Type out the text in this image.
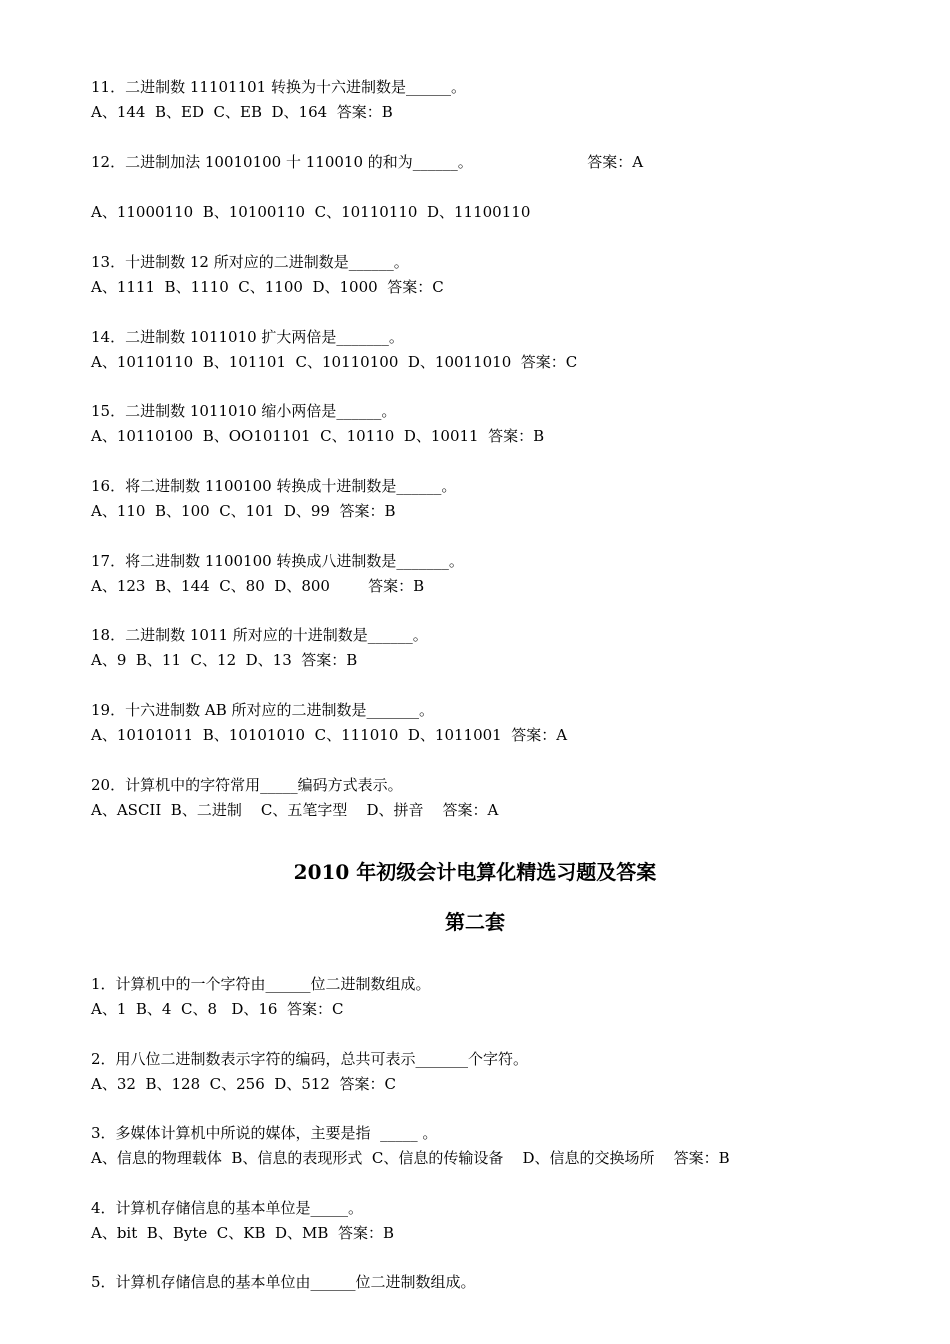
11．二进制数 11101101 转换为十六进制数是______。
A、144  B、ED  C、EB  D、164  答案：B
12．二进制加法 10010100 十 110010 的和为______。                        答案：A
A、11000110  B、10100110  C、10110110  D、11100110
13．十进制数 12 所对应的二进制数是______。
A、1111  B、1110  C、1100  D、1000  答案：C
14．二进制数 1011010 扩大两倍是_______。
A、10110110  B、101101  C、10110100  D、10011010  答案：C
15．二进制数 1011010 缩小两倍是______。
A、10110100  B、OO101101  C、10110  D、10011  答案：B
16．将二进制数 1100100 转换成十进制数是______。
A、110  B、100  C、101  D、99  答案：B
17．将二进制数 1100100 转换成八进制数是_______。
A、123  B、144  C、80  D、800        答案：B
18．二进制数 1011 所对应的十进制数是______。
A、9  B、11  C、12  D、13  答案：B
19．十六进制数 AB 所对应的二进制数是_______。
A、10101011  B、10101010  C、111010  D、1011001  答案：A
20．计算机中的字符常用_____编码方式表示。
A、ASCII  B、二进制    C、五笔字型    D、拼音    答案：A
2010 年初级会计电算化精选习题及答案
第二套
1．计算机中的一个字符由______位二进制数组成。
A、1  B、4  C、8   D、16  答案：C
2．用八位二进制数表示字符的编码，总共可表示_______个字符。
A、32  B、128  C、256  D、512  答案：C
3．多媒体计算机中所说的媒体，主要是指  _____ 。
A、信息的物理载体  B、信息的表现形式  C、信息的传输设备    D、信息的交换场所    答案：B
4．计算机存储信息的基本单位是_____。
A、bit  B、Byte  C、KB  D、MB  答案：B
5．计算机存储信息的基本单位由______位二进制数组成。
